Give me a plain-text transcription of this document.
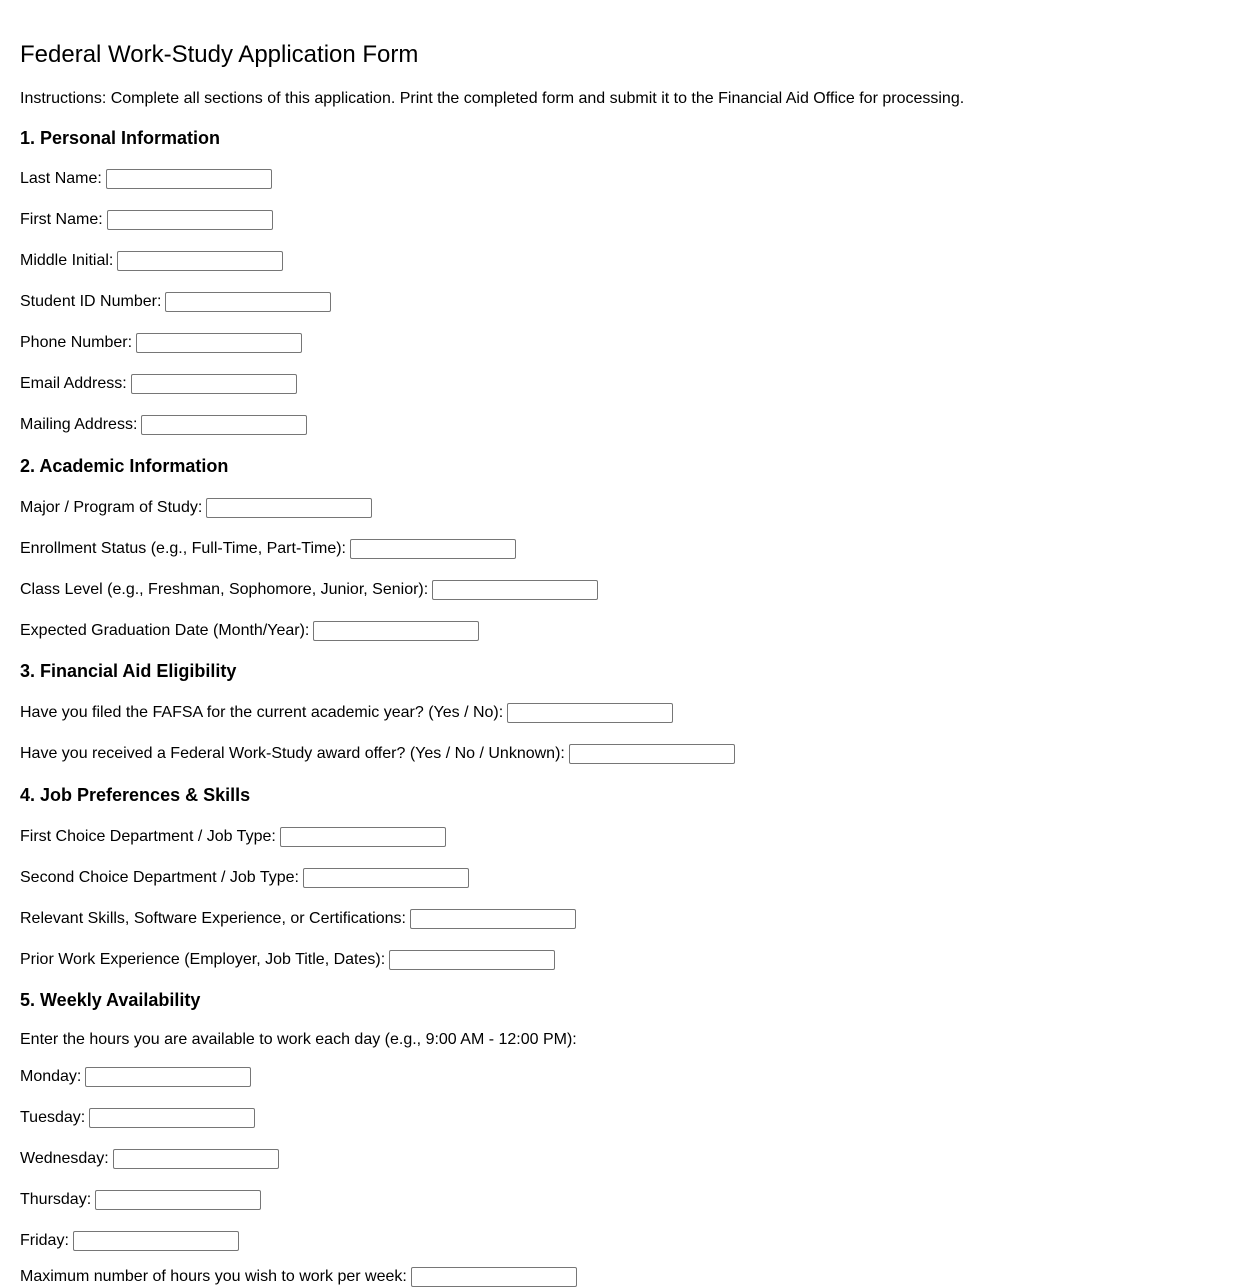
Federal Work-Study Application Form

Instructions: Complete all sections of this application. Print the completed form and submit it to the Financial Aid Office for processing.

1. Personal Information
Last Name:
First Name:
Middle Initial:
Student ID Number:
Phone Number:
Email Address:
Mailing Address:
2. Academic Information
Major / Program of Study:
Enrollment Status (e.g., Full-Time, Part-Time):
Class Level (e.g., Freshman, Sophomore, Junior, Senior):
Expected Graduation Date (Month/Year):
3. Financial Aid Eligibility
Have you filed the FAFSA for the current academic year? (Yes / No):
Have you received a Federal Work-Study award offer? (Yes / No / Unknown):
4. Job Preferences & Skills
First Choice Department / Job Type:
Second Choice Department / Job Type:
Relevant Skills, Software Experience, or Certifications:
Prior Work Experience (Employer, Job Title, Dates):
5. Weekly Availability

Enter the hours you are available to work each day (e.g., 9:00 AM - 12:00 PM):

Monday:
Tuesday:
Wednesday:
Thursday:
Friday:
Maximum number of hours you wish to work per week:
